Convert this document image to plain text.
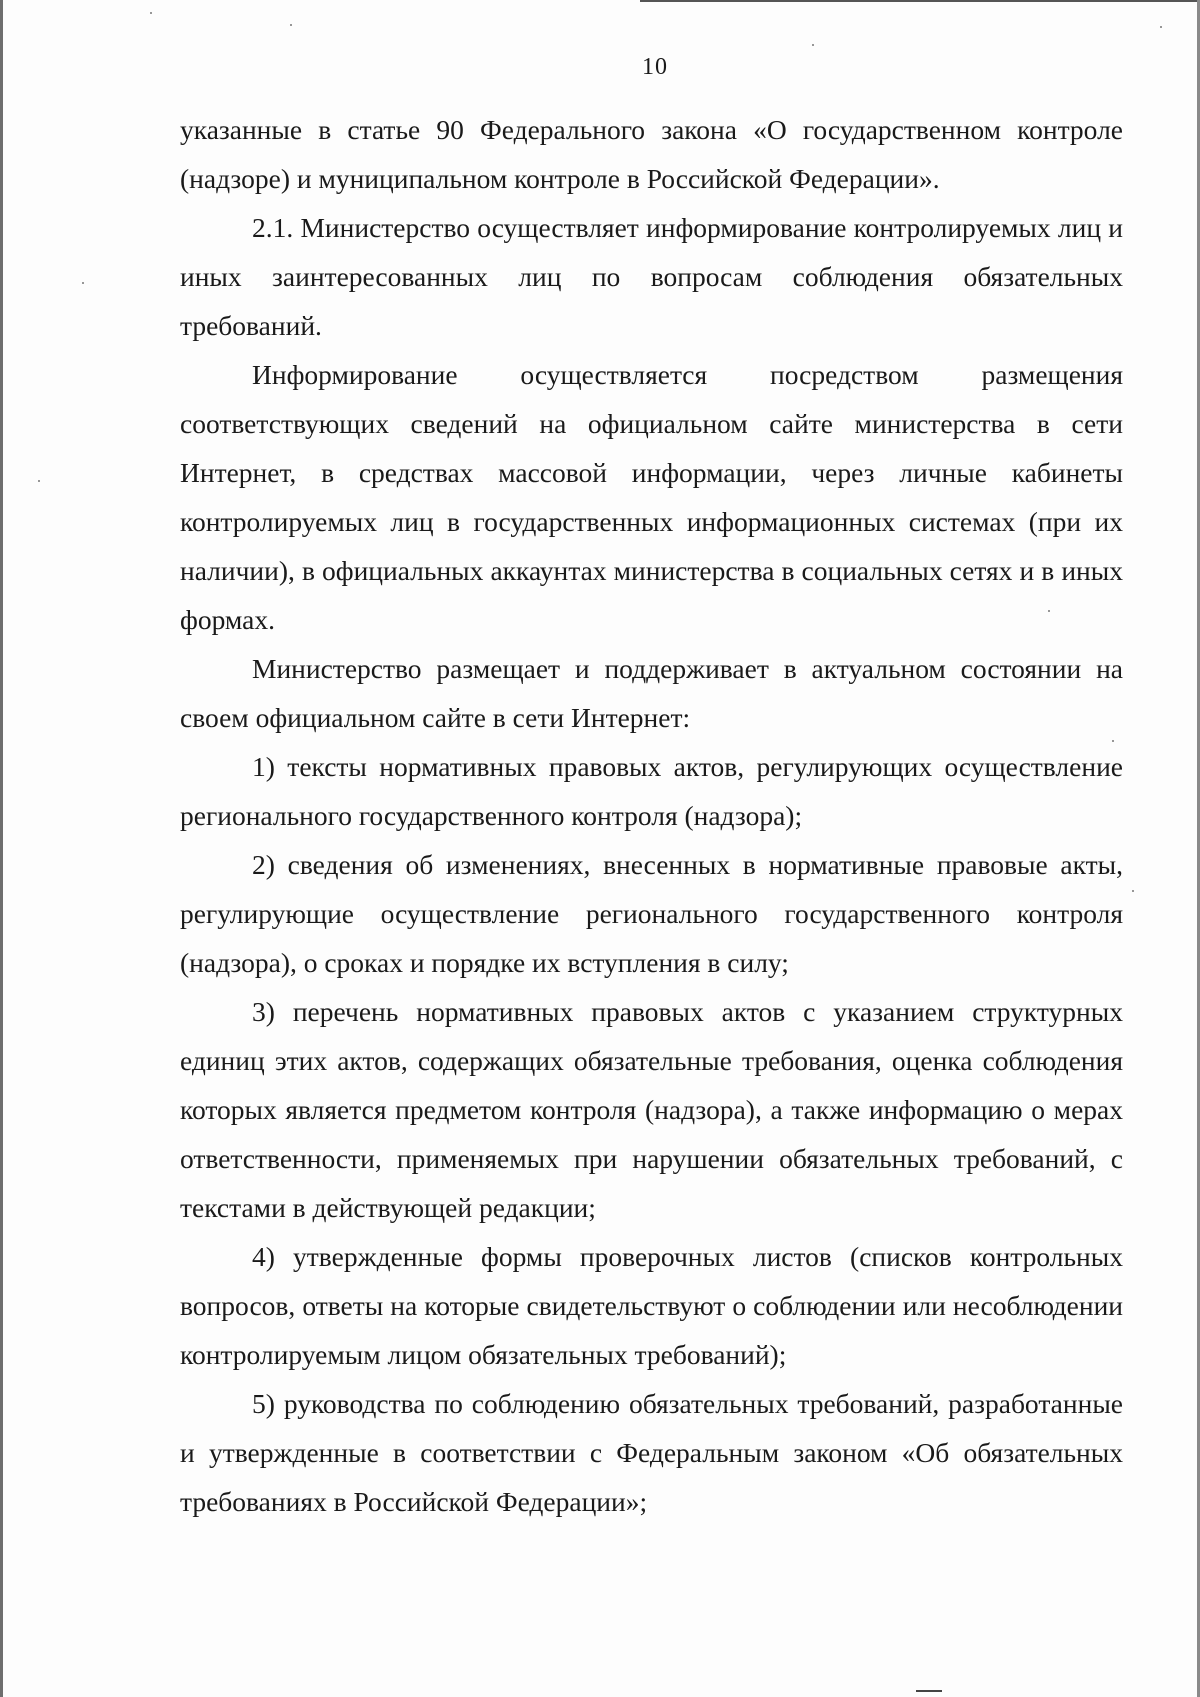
10

указанные в статье 90 Федерального закона «О государственном контроле (надзоре) и муниципальном контроле в Российской Федерации».

2.1. Министерство осуществляет информирование контролируемых лиц и иных заинтересованных лиц по вопросам соблюдения обязательных требований.

Информирование осуществляется посредством размещения соответствующих сведений на официальном сайте министерства в сети Интернет, в средствах массовой информации, через личные кабинеты контролируемых лиц в государственных информационных системах (при их наличии), в официальных аккаунтах министерства в социальных сетях и в иных формах.

Министерство размещает и поддерживает в актуальном состоянии на своем официальном сайте в сети Интернет:

1) тексты нормативных правовых актов, регулирующих осуществление регионального государственного контроля (надзора);

2) сведения об изменениях, внесенных в нормативные правовые акты, регулирующие осуществление регионального государственного контроля (надзора), о сроках и порядке их вступления в силу;

3) перечень нормативных правовых актов с указанием структурных единиц этих актов, содержащих обязательные требования, оценка соблюдения которых является предметом контроля (надзора), а также информацию о мерах ответственности, применяемых при нарушении обязательных требований, с текстами в действующей редакции;

4) утвержденные формы проверочных листов (списков контрольных вопросов, ответы на которые свидетельствуют о соблюдении или несоблюдении контролируемым лицом обязательных требований);

5) руководства по соблюдению обязательных требований, разработанные и утвержденные в соответствии с Федеральным законом «Об обязательных требованиях в Российской Федерации»;
